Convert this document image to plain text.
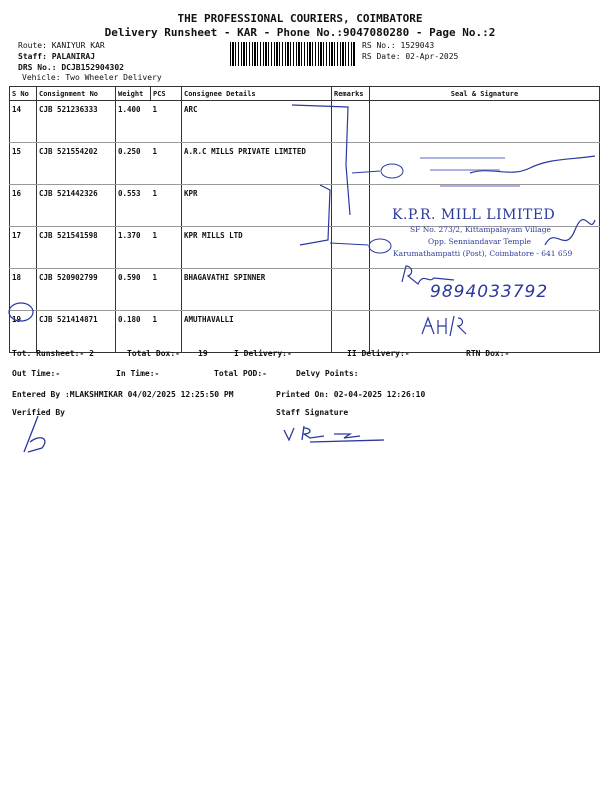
THE PROFESSIONAL COURIERS, COIMBATORE
Delivery Runsheet - KAR - Phone No.:9047080280 - Page No.:2
Route: KANIYUR KAR
Staff: PALANIRAJ
DRS No.: DCJB152904302
Vehicle: Two Wheeler Delivery
RS No.: 1529043
RS Date: 02-Apr-2025
S No	Consignment No	Weight	PCS	Consignee Details	Remarks	Seal & Signature
14	CJB 521236333	1.400	1	ARC		
15	CJB 521554202	0.250	1	A.R.C MILLS PRIVATE LIMITED		
16	CJB 521442326	0.553	1	KPR		
17	CJB 521541598	1.370	1	KPR MILLS LTD		
18	CJB 520902799	0.590	1	BHAGAVATHI SPINNER		
19	CJB 521414871	0.180	1	AMUTHAVALLI		
K.P.R. MILL LIMITED
SF No. 273/2, Kittampalayam Village
Opp. Senniandavar Temple
Karumathampatti (Post), Coimbatore - 641 659
9894033792
Tot. Runsheet:- 2	Total Dox:- 19	I Delivery:-	II Delivery:-	RTN Dox:-
Out Time:-	In Time:-	Total POD:-	Delvy Points:
Entered By :MLAKSHMIKAR 04/02/2025 12:25:50 PM	Printed On: 02-04-2025 12:26:10
Verified By	Staff Signature
